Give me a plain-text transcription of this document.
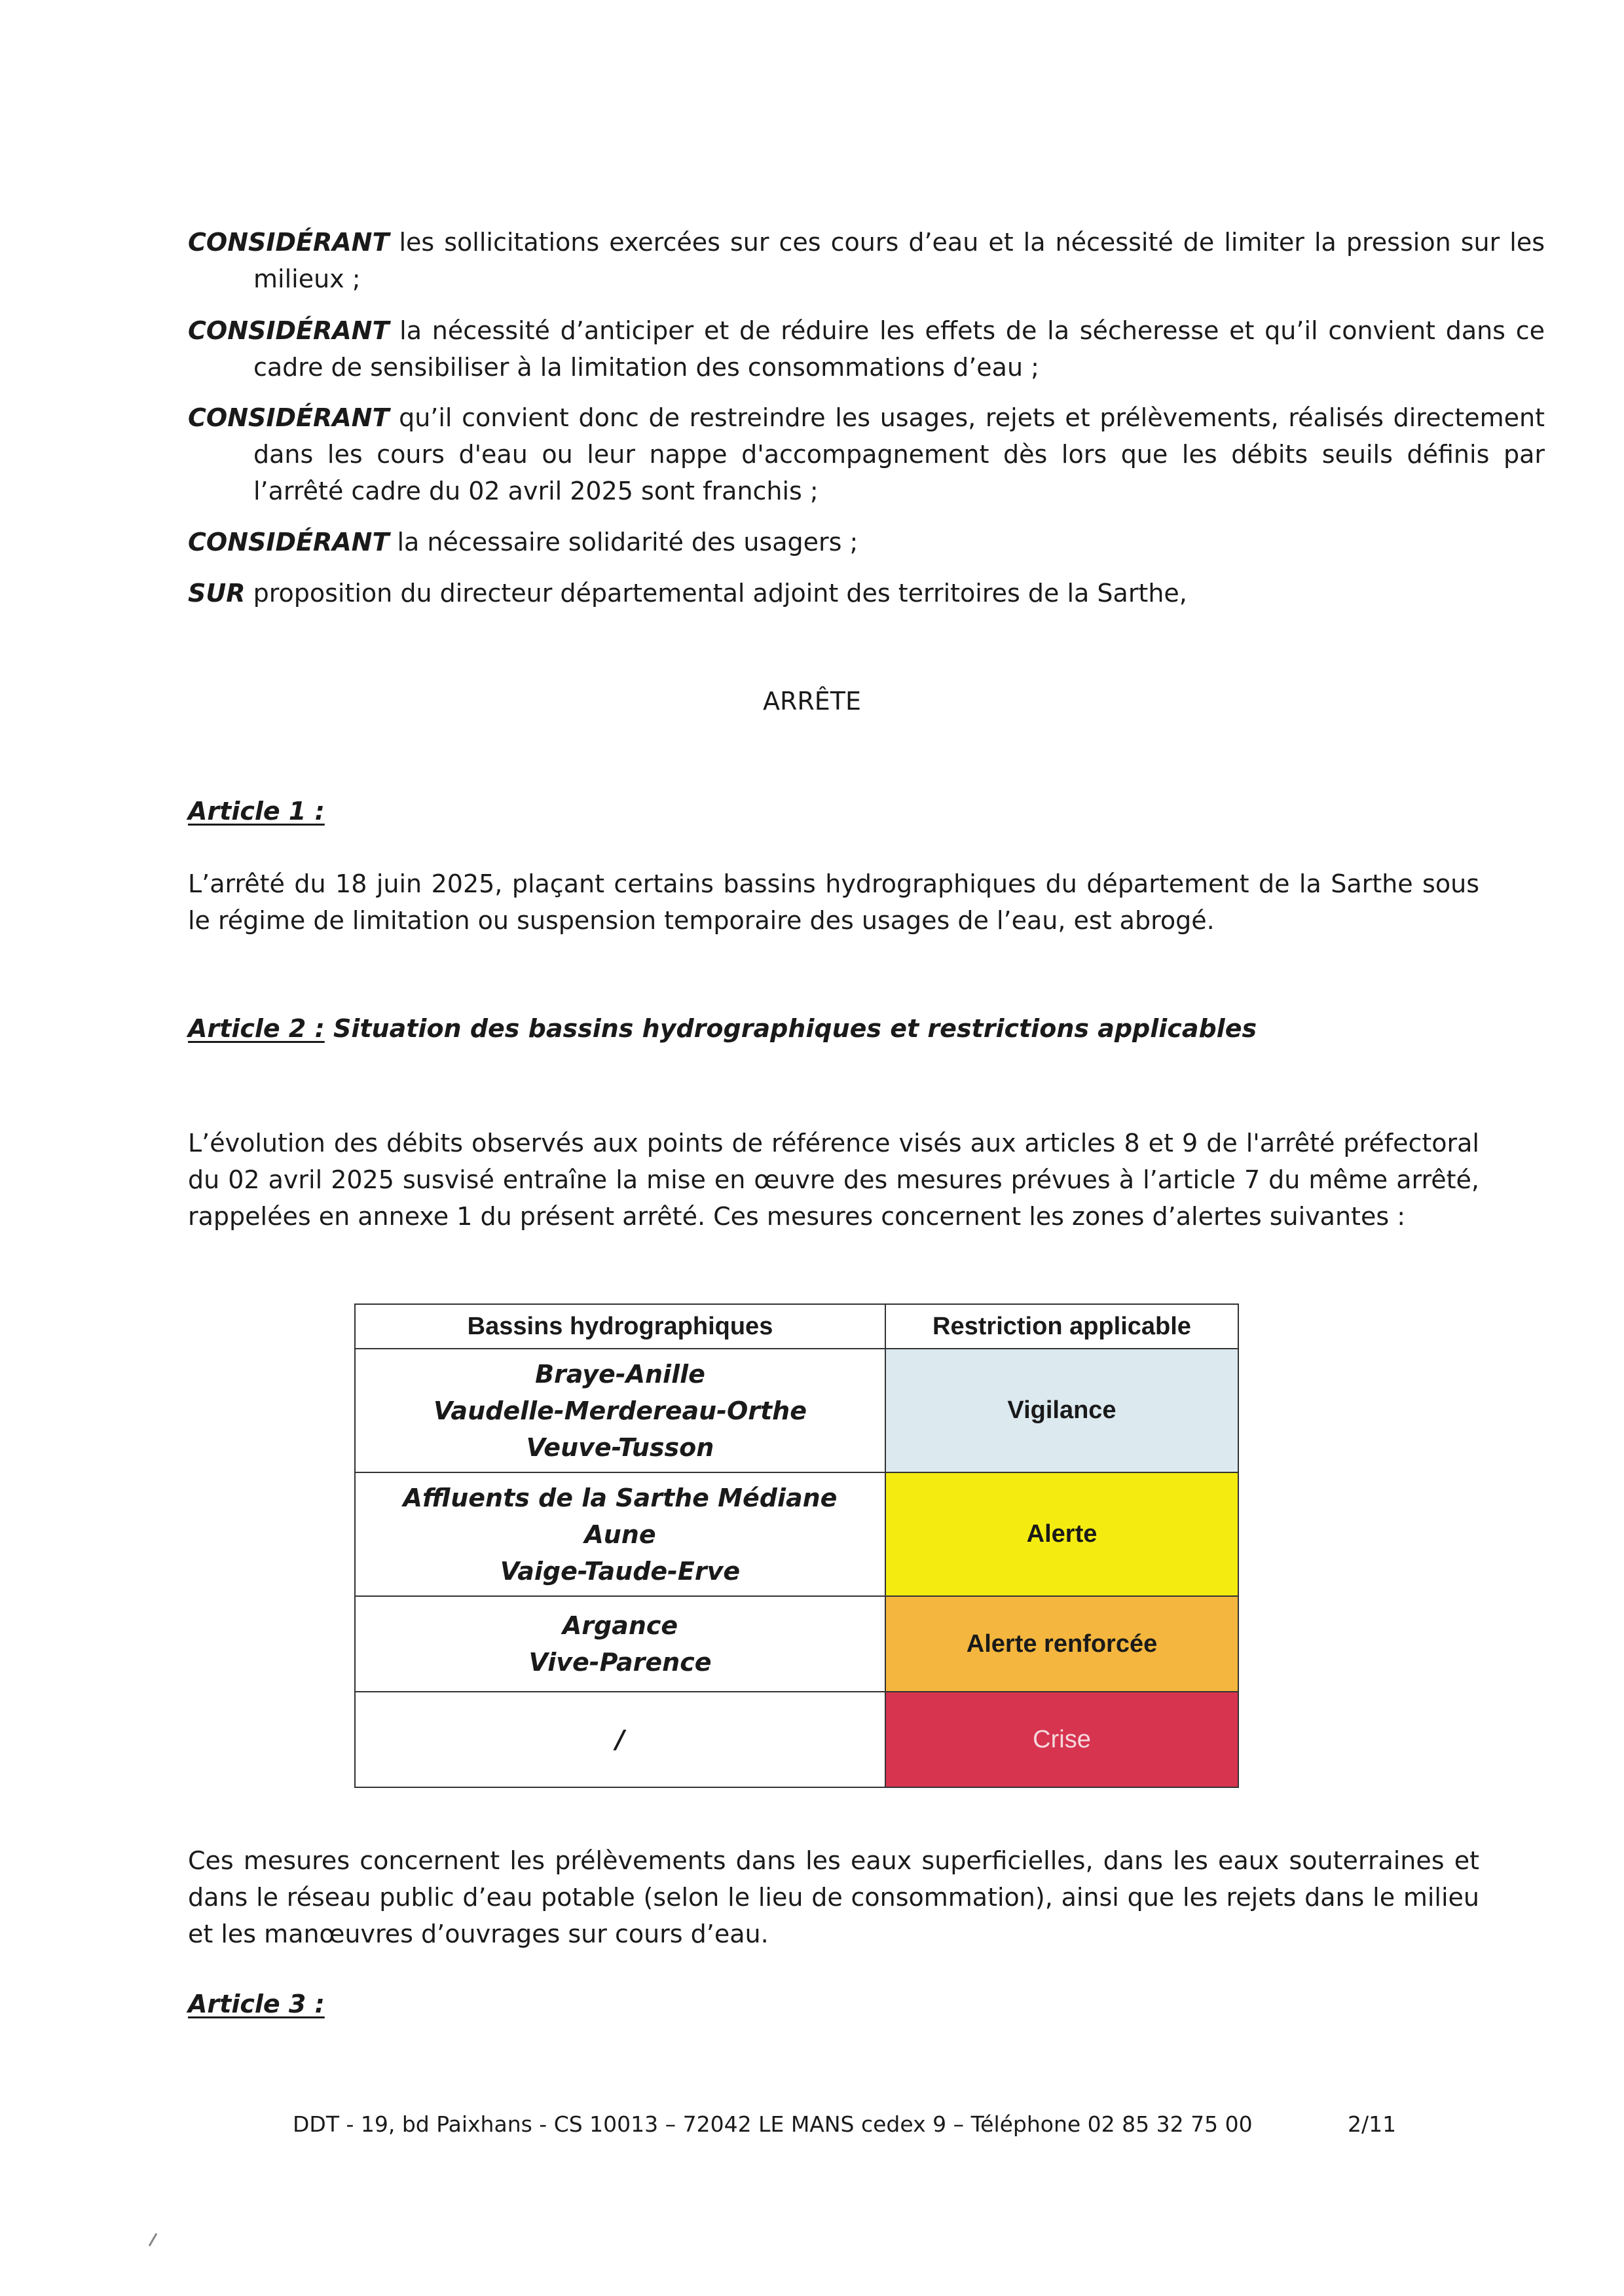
CONSIDÉRANT les sollicitations exercées sur ces cours d’eau et la nécessité de limiter la pression sur les milieux ;

CONSIDÉRANT la nécessité d’anticiper et de réduire les effets de la sécheresse et qu’il convient dans ce cadre de sensibiliser à la limitation des consommations d’eau ;

CONSIDÉRANT qu’il convient donc de restreindre les usages, rejets et prélèvements, réalisés directement dans les cours d'eau ou leur nappe d'accompagnement dès lors que les débits seuils définis par l’arrêté cadre du 02 avril 2025 sont franchis ;

CONSIDÉRANT la nécessaire solidarité des usagers ;

SUR proposition du directeur départemental adjoint des territoires de la Sarthe,

ARRÊTE

Article 1 :

L’arrêté du 18 juin 2025, plaçant certains bassins hydrographiques du département de la Sarthe sous le régime de limitation ou suspension temporaire des usages de l’eau, est abrogé.

Article 2 : Situation des bassins hydrographiques et restrictions applicables

L’évolution des débits observés aux points de référence visés aux articles 8 et 9 de l'arrêté préfectoral du 02 avril 2025 susvisé entraîne la mise en œuvre des mesures prévues à l’article 7 du même arrêté, rappelées en annexe 1 du présent arrêté. Ces mesures concernent les zones d’alertes suivantes :

Bassins hydrographiques	Restriction applicable

Braye-Anille
Vaudelle-Merdereau-Orthe
Veuve-Tusson	Vigilance

Affluents de la Sarthe Médiane
Aune
Vaige-Taude-Erve	Alerte

Argance
Vive-Parence	Alerte renforcée

/	Crise

Ces mesures concernent les prélèvements dans les eaux superficielles, dans les eaux souterraines et dans le réseau public d’eau potable (selon le lieu de consommation), ainsi que les rejets dans le milieu et les manœuvres d’ouvrages sur cours d’eau.

Article 3 :

DDT - 19, bd Paixhans - CS 10013 – 72042 LE MANS cedex 9 – Téléphone 02 85 32 75 00	2/11
